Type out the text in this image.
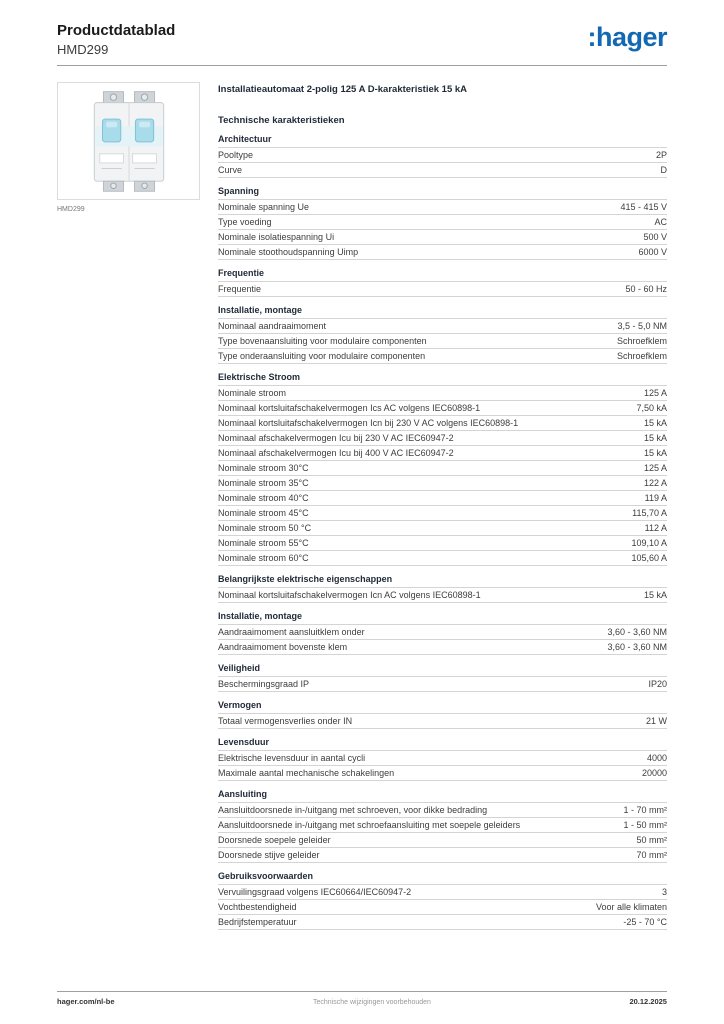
Productdatablad
HMD299	:hager
HMD299
Installatieautomaat 2-polig 125 A D-karakteristiek 15 kA
Technische karakteristieken
Architectuur
Pooltype	2P
Curve	D
Spanning
Nominale spanning Ue	415 - 415 V
Type voeding	AC
Nominale isolatiespanning Ui	500 V
Nominale stoothoudspanning Uimp	6000 V
Frequentie
Frequentie	50 - 60 Hz
Installatie, montage
Nominaal aandraaimoment	3,5 - 5,0 NM
Type bovenaansluiting voor modulaire componenten	Schroefklem
Type onderaansluiting voor modulaire componenten	Schroefklem
Elektrische Stroom
Nominale stroom	125 A
Nominaal kortsluitafschakelvermogen Ics AC volgens IEC60898-1	7,50 kA
Nominaal kortsluitafschakelvermogen Icn bij 230 V AC volgens IEC60898-1	15 kA
Nominaal afschakelvermogen Icu bij 230 V AC IEC60947-2	15 kA
Nominaal afschakelvermogen Icu bij 400 V AC IEC60947-2	15 kA
Nominale stroom 30°C	125 A
Nominale stroom 35°C	122 A
Nominale stroom 40°C	119 A
Nominale stroom 45°C	115,70 A
Nominale stroom 50 °C	112 A
Nominale stroom 55°C	109,10 A
Nominale stroom 60°C	105,60 A
Belangrijkste elektrische eigenschappen
Nominaal kortsluitafschakelvermogen Icn AC volgens IEC60898-1	15 kA
Installatie, montage
Aandraaimoment aansluitklem onder	3,60 - 3,60 NM
Aandraaimoment bovenste klem	3,60 - 3,60 NM
Veiligheid
Beschermingsgraad IP	IP20
Vermogen
Totaal vermogensverlies onder IN	21 W
Levensduur
Elektrische levensduur in aantal cycli	4000
Maximale aantal mechanische schakelingen	20000
Aansluiting
Aansluitdoorsnede in-/uitgang met schroeven, voor dikke bedrading	1 - 70 mm²
Aansluitdoorsnede in-/uitgang met schroefaansluiting met soepele geleiders	1 - 50 mm²
Doorsnede soepele geleider	50 mm²
Doorsnede stijve geleider	70 mm²
Gebruiksvoorwaarden
Vervuilingsgraad volgens IEC60664/IEC60947-2	3
Vochtbestendigheid	Voor alle klimaten
Bedrijfstemperatuur	-25 - 70 °C
hager.com/nl-be	Technische wijzigingen voorbehouden	20.12.2025
